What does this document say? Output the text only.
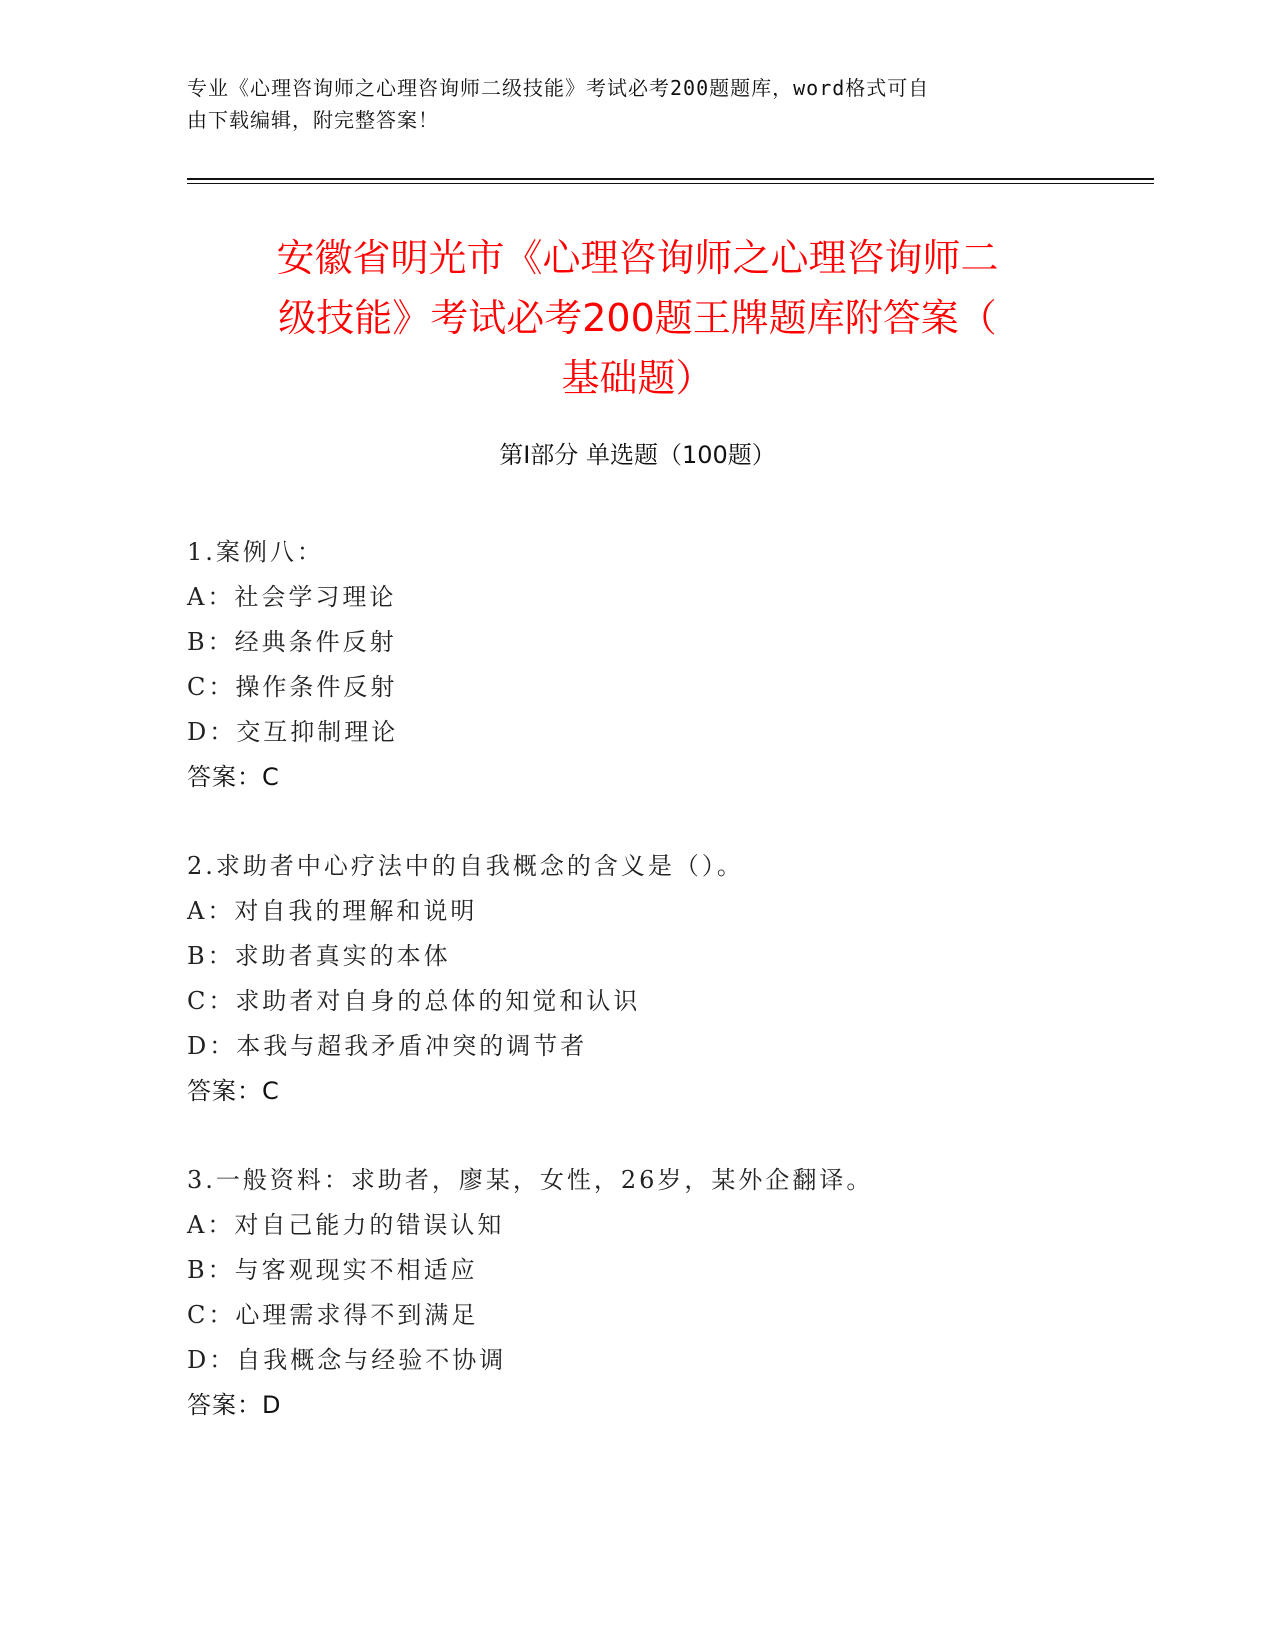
专业《心理咨询师之心理咨询师二级技能》考试必考200题题库，word格式可自
由下载编辑，附完整答案！
安徽省明光市《心理咨询师之心理咨询师二
级技能》考试必考200题王牌题库附答案（
基础题）
第Ⅰ部分 单选题（100题）
1.案例八：
A：社会学习理论
B：经典条件反射
C：操作条件反射
D：交互抑制理论
答案：C
2.求助者中心疗法中的自我概念的含义是（）。
A：对自我的理解和说明
B：求助者真实的本体
C：求助者对自身的总体的知觉和认识
D：本我与超我矛盾冲突的调节者
答案：C
3.一般资料：求助者，廖某，女性，26岁，某外企翻译。
A：对自己能力的错误认知
B：与客观现实不相适应
C：心理需求得不到满足
D：自我概念与经验不协调
答案：D
